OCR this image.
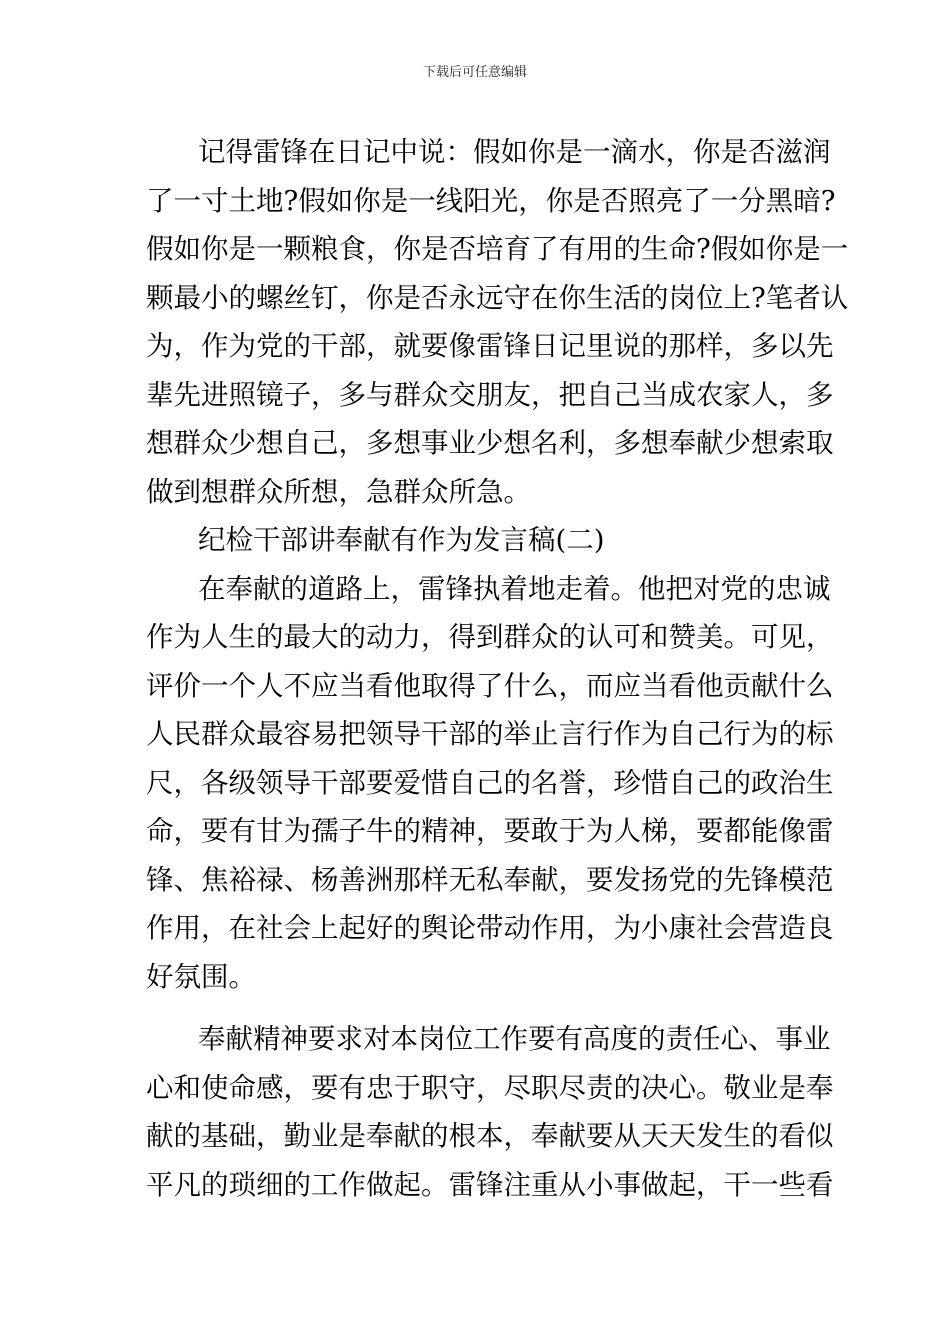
下载后可任意编辑
记得雷锋在日记中说：假如你是一滴水，你是否滋润
了一寸土地?假如你是一线阳光，你是否照亮了一分黑暗?
假如你是一颗粮食，你是否培育了有用的生命?假如你是一
颗最小的螺丝钉，你是否永远守在你生活的岗位上?笔者认
为，作为党的干部，就要像雷锋日记里说的那样，多以先
辈先进照镜子，多与群众交朋友，把自己当成农家人，多
想群众少想自己，多想事业少想名利，多想奉献少想索取
做到想群众所想，急群众所急。
纪检干部讲奉献有作为发言稿(二)
在奉献的道路上，雷锋执着地走着。他把对党的忠诚
作为人生的最大的动力，得到群众的认可和赞美。可见，
评价一个人不应当看他取得了什么，而应当看他贡献什么
人民群众最容易把领导干部的举止言行作为自己行为的标
尺，各级领导干部要爱惜自己的名誉，珍惜自己的政治生
命，要有甘为孺子牛的精神，要敢于为人梯，要都能像雷
锋、焦裕禄、杨善洲那样无私奉献，要发扬党的先锋模范
作用，在社会上起好的舆论带动作用，为小康社会营造良
好氛围。
奉献精神要求对本岗位工作要有高度的责任心、事业
心和使命感，要有忠于职守，尽职尽责的决心。敬业是奉
献的基础，勤业是奉献的根本，奉献要从天天发生的看似
平凡的琐细的工作做起。雷锋注重从小事做起，干一些看
